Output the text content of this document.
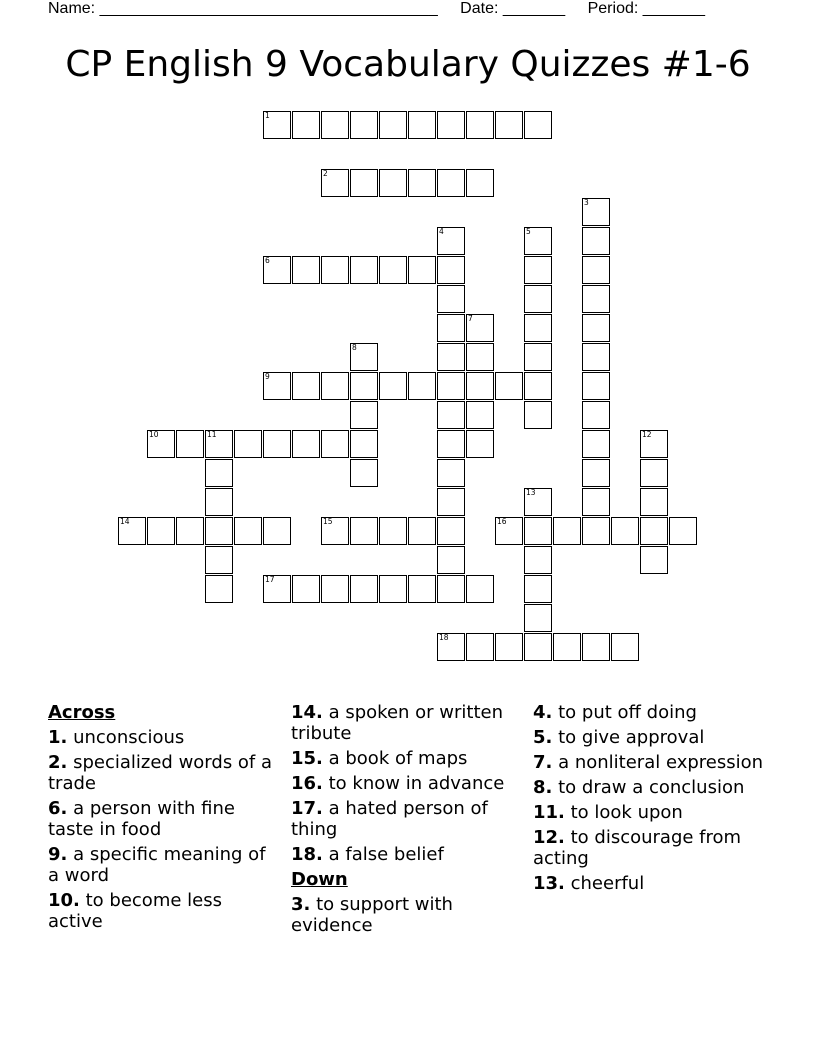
Name: ______________________________________ Date: _______ Period: _______
CP English 9 Vocabulary Quizzes #1-6
1
2
3
4	5
6
7
8
9
10	11	12
13
14	15	16
17
18
Across
1. unconscious
2. specialized words of a trade
6. a person with fine taste in food
9. a specific meaning of a word
10. to become less active
14. a spoken or written tribute
15. a book of maps
16. to know in advance
17. a hated person of thing
18. a false belief
Down
3. to support with evidence
4. to put off doing
5. to give approval
7. a nonliteral expression
8. to draw a conclusion
11. to look upon
12. to discourage from acting
13. cheerful
